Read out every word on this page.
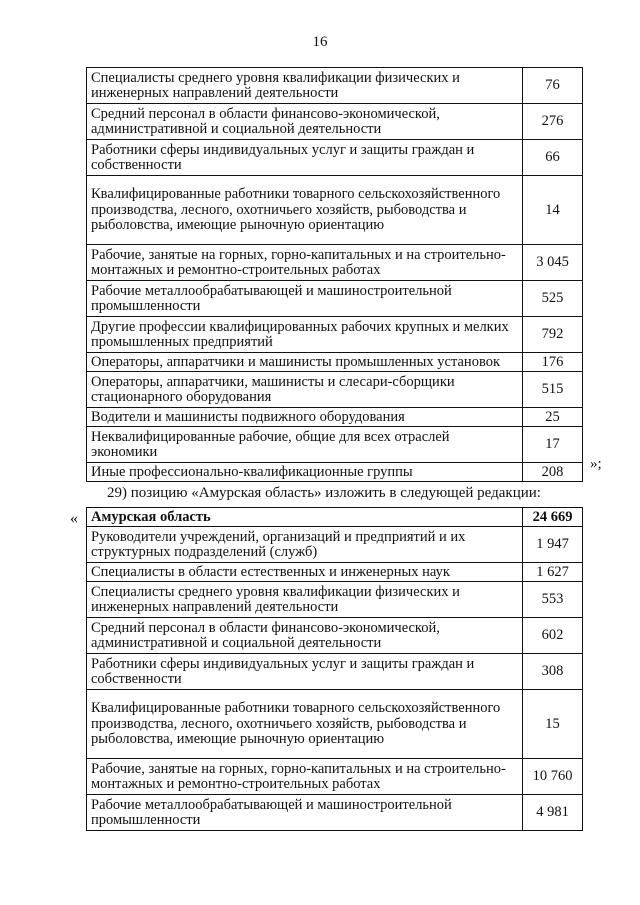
16
Специалисты среднего уровня квалификации физических и инженерных направлений деятельности	76
Средний персонал в области финансово-экономической, административной и социальной деятельности	276
Работники сферы индивидуальных услуг и защиты граждан и собственности	66
Квалифицированные работники товарного сельскохозяйственного производства, лесного, охотничьего хозяйств, рыбоводства и рыболовства, имеющие рыночную ориентацию	14
Рабочие, занятые на горных, горно-капитальных и на строительно-монтажных и ремонтно-строительных работах	3 045
Рабочие металлообрабатывающей и машиностроительной промышленности	525
Другие профессии квалифицированных рабочих крупных и мелких промышленных предприятий	792
Операторы, аппаратчики и машинисты промышленных установок	176
Операторы, аппаратчики, машинисты и слесари-сборщики стационарного оборудования	515
Водители и машинисты подвижного оборудования	25
Неквалифицированные рабочие, общие для всех отраслей экономики	17
Иные профессионально-квалификационные группы	208 »;
29) позицию «Амурская область» изложить в следующей редакции:
« Амурская область	24 669
Руководители учреждений, организаций и предприятий и их структурных подразделений (служб)	1 947
Специалисты в области естественных и инженерных наук	1 627
Специалисты среднего уровня квалификации физических и инженерных направлений деятельности	553
Средний персонал в области финансово-экономической, административной и социальной деятельности	602
Работники сферы индивидуальных услуг и защиты граждан и собственности	308
Квалифицированные работники товарного сельскохозяйственного производства, лесного, охотничьего хозяйств, рыбоводства и рыболовства, имеющие рыночную ориентацию	15
Рабочие, занятые на горных, горно-капитальных и на строительно-монтажных и ремонтно-строительных работах	10 760
Рабочие металлообрабатывающей и машиностроительной промышленности	4 981
